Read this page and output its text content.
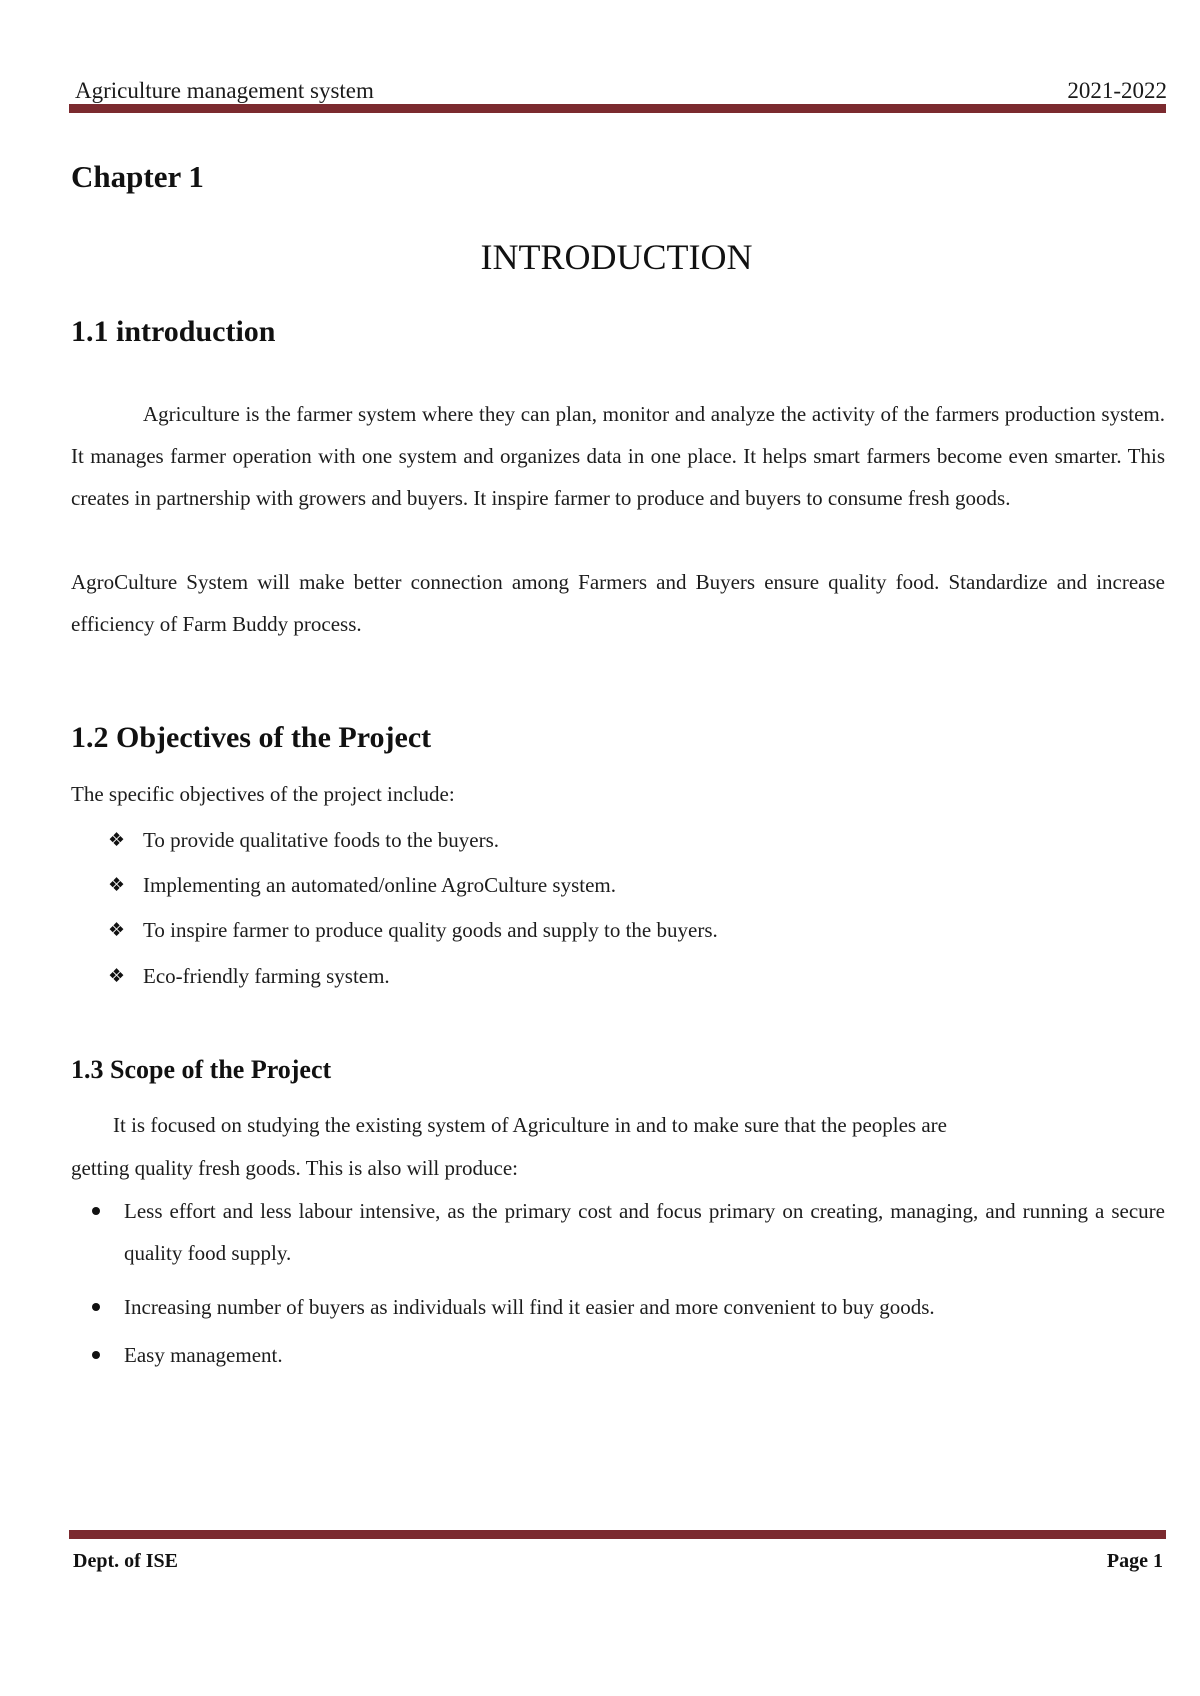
Agriculture management system	2021-2022
Chapter 1
INTRODUCTION
1.1 introduction
Agriculture is the farmer system where they can plan, monitor and analyze the activity of the farmers production system. It manages farmer operation with one system and organizes data in one place. It helps smart farmers become even smarter. This creates in partnership with growers and buyers. It inspire farmer to produce and buyers to consume fresh goods.
AgroCulture System will make better connection among Farmers and Buyers ensure quality food. Standardize and increase efficiency of Farm Buddy process.
1.2 Objectives of the Project
The specific objectives of the project include:
❖ To provide qualitative foods to the buyers.
❖ Implementing an automated/online AgroCulture system.
❖ To inspire farmer to produce quality goods and supply to the buyers.
❖ Eco-friendly farming system.
1.3 Scope of the Project
It is focused on studying the existing system of Agriculture in and to make sure that the peoples are
getting quality fresh goods. This is also will produce:
Less effort and less labour intensive, as the primary cost and focus primary on creating, managing, and running a secure quality food supply.
Increasing number of buyers as individuals will find it easier and more convenient to buy goods.
Easy management.
Dept. of ISE	Page 1
